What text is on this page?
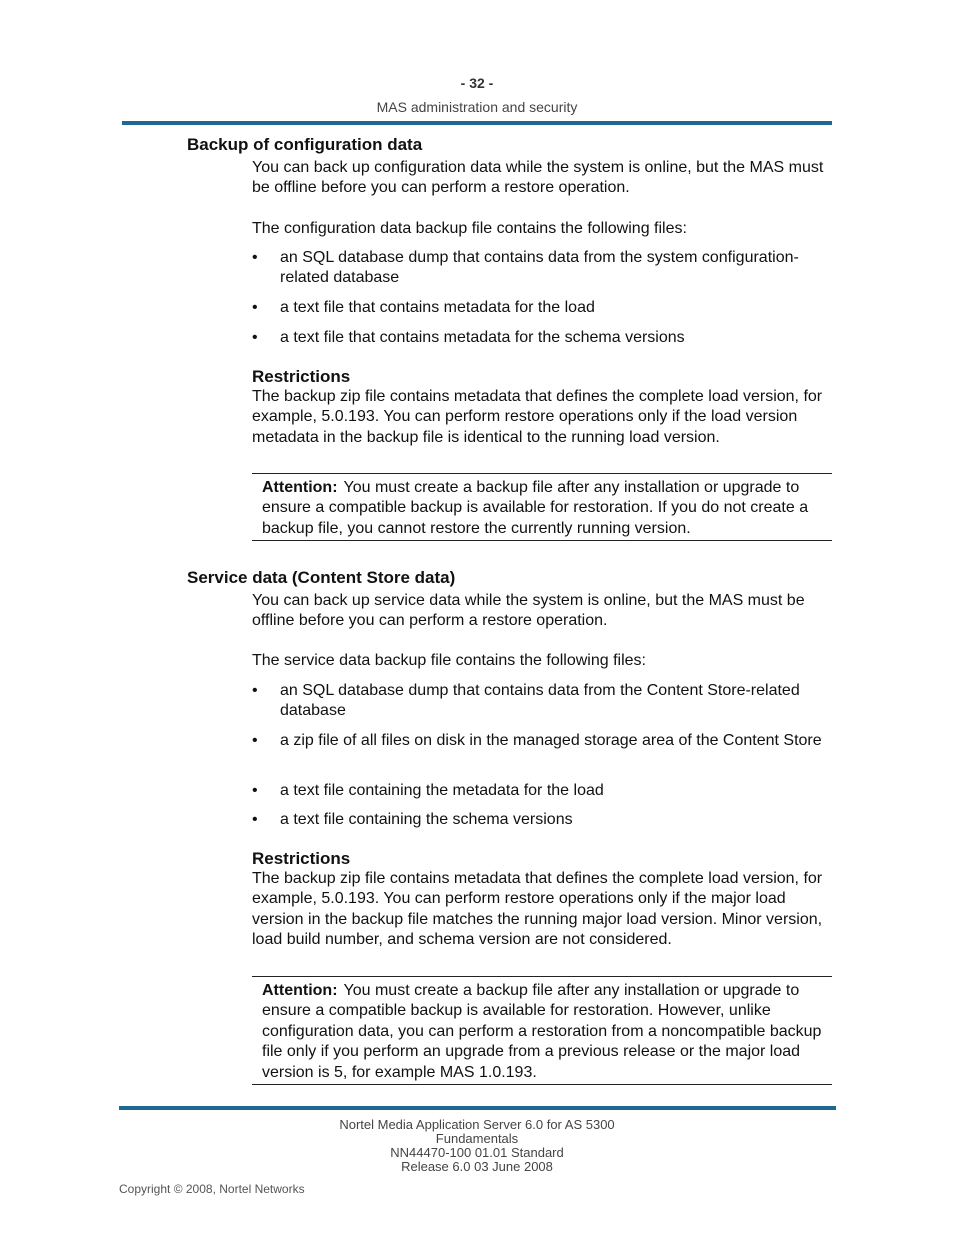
- 32 -
MAS administration and security
Backup of configuration data
You can back up configuration data while the system is online, but the MAS must be offline before you can perform a restore operation.
The configuration data backup file contains the following files:
•	an SQL database dump that contains data from the system configuration-related database
•	a text file that contains metadata for the load
•	a text file that contains metadata for the schema versions
Restrictions
The backup zip file contains metadata that defines the complete load version, for example, 5.0.193. You can perform restore operations only if the load version metadata in the backup file is identical to the running load version.
Attention: You must create a backup file after any installation or upgrade to ensure a compatible backup is available for restoration. If you do not create a backup file, you cannot restore the currently running version.
Service data (Content Store data)
You can back up service data while the system is online, but the MAS must be offline before you can perform a restore operation.
The service data backup file contains the following files:
•	an SQL database dump that contains data from the Content Store-related database
•	a zip file of all files on disk in the managed storage area of the Content Store
•	a text file containing the metadata for the load
•	a text file containing the schema versions
Restrictions
The backup zip file contains metadata that defines the complete load version, for example, 5.0.193. You can perform restore operations only if the major load version in the backup file matches the running major load version. Minor version, load build number, and schema version are not considered.
Attention: You must create a backup file after any installation or upgrade to ensure a compatible backup is available for restoration. However, unlike configuration data, you can perform a restoration from a noncompatible backup file only if you perform an upgrade from a previous release or the major load version is 5, for example MAS 1.0.193.
Nortel Media Application Server 6.0 for AS 5300
Fundamentals
NN44470-100 01.01 Standard
Release 6.0 03 June 2008
Copyright © 2008, Nortel Networks
